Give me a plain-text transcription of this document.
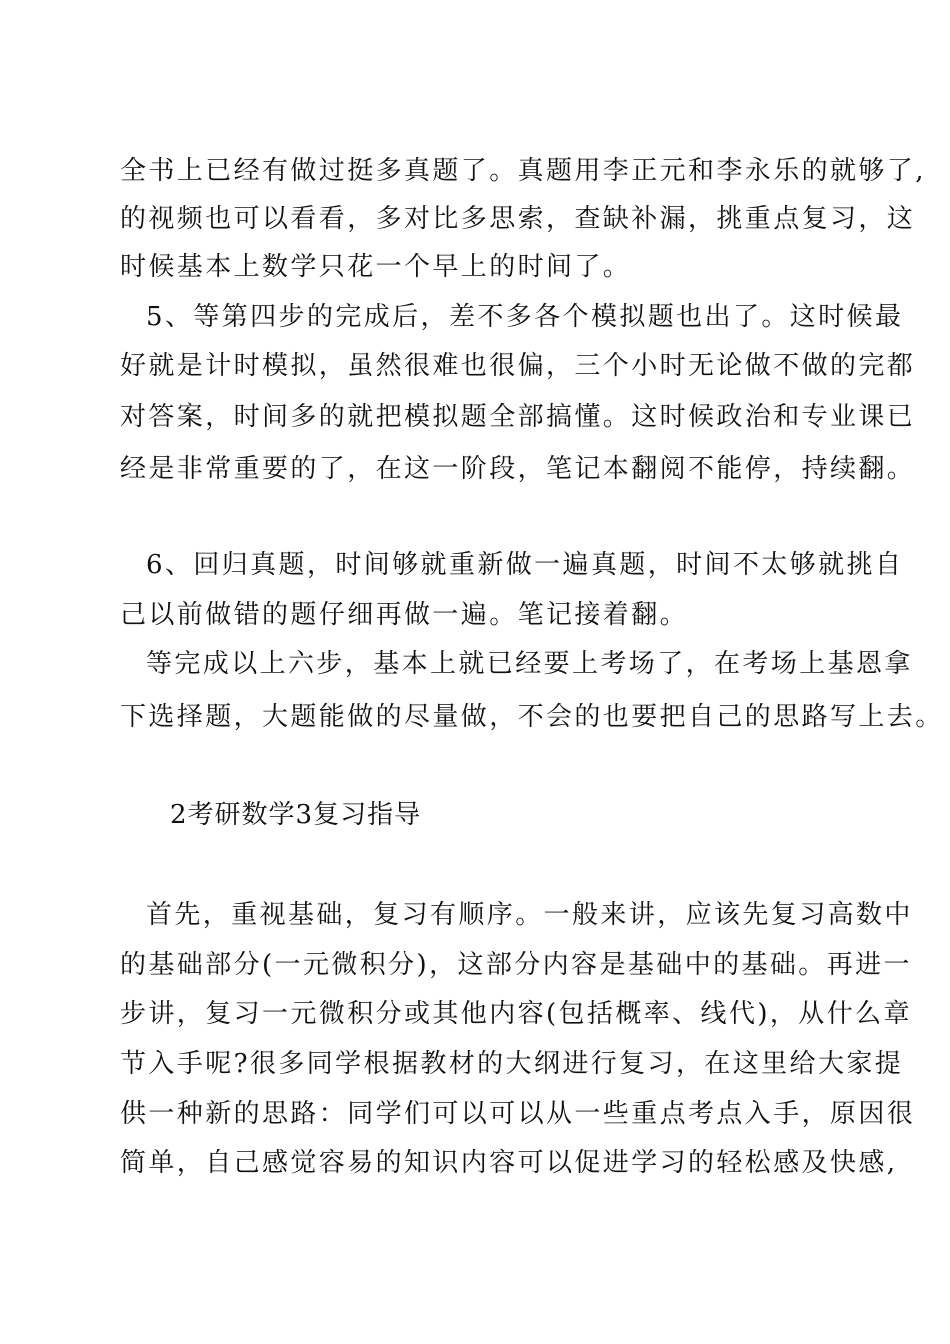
全书上已经有做过挺多真题了。真题用李正元和李永乐的就够了,
的视频也可以看看，多对比多思索，查缺补漏，挑重点复习，这
时候基本上数学只花一个早上的时间了。
5、等第四步的完成后，差不多各个模拟题也出了。这时候最
好就是计时模拟，虽然很难也很偏，三个小时无论做不做的完都
对答案，时间多的就把模拟题全部搞懂。这时候政治和专业课已
经是非常重要的了，在这一阶段，笔记本翻阅不能停，持续翻。
6、回归真题，时间够就重新做一遍真题，时间不太够就挑自
己以前做错的题仔细再做一遍。笔记接着翻。
等完成以上六步，基本上就已经要上考场了，在考场上基恩拿
下选择题，大题能做的尽量做，不会的也要把自己的思路写上去。
2考研数学3复习指导
首先，重视基础，复习有顺序。一般来讲，应该先复习高数中
的基础部分(一元微积分)，这部分内容是基础中的基础。再进一
步讲，复习一元微积分或其他内容(包括概率、线代)，从什么章
节入手呢?很多同学根据教材的大纲进行复习，在这里给大家提
供一种新的思路：同学们可以可以从一些重点考点入手，原因很
简单，自己感觉容易的知识内容可以促进学习的轻松感及快感,
